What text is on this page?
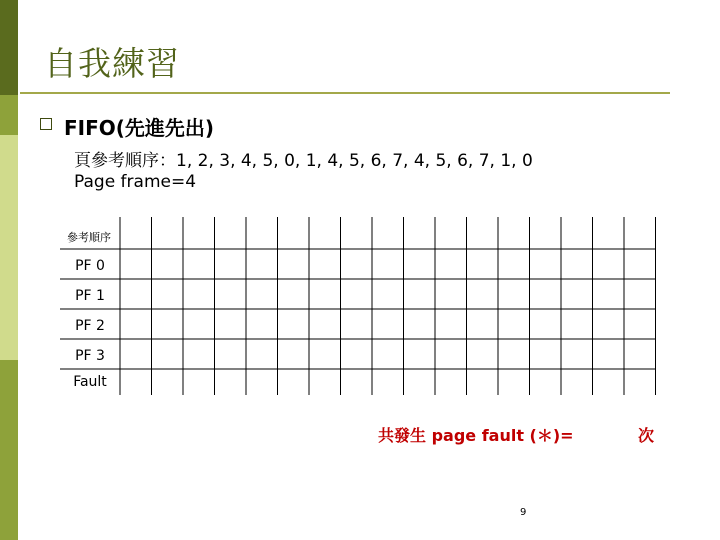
自我練習
FIFO(先進先出)
頁參考順序：1, 2, 3, 4, 5, 0, 1, 4, 5, 6, 7, 4, 5, 6, 7, 1, 0
Page frame=4
參考順序
PF 0
PF 1
PF 2
PF 3
Fault
共發生 page fault (＊)=	次
9
